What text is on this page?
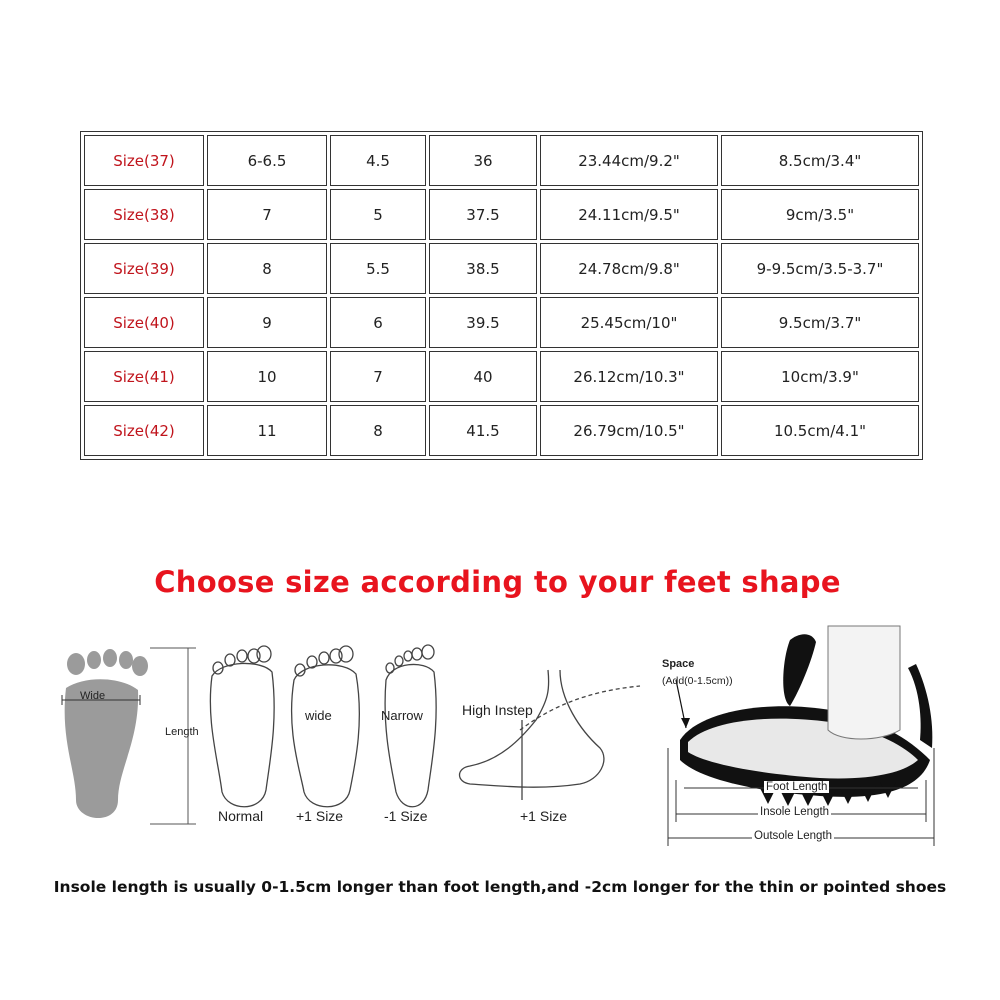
Size(37)	6-6.5	4.5	36	23.44cm/9.2"	8.5cm/3.4"
Size(38)	7	5	37.5	24.11cm/9.5"	9cm/3.5"
Size(39)	8	5.5	38.5	24.78cm/9.8"	9-9.5cm/3.5-3.7"
Size(40)	9	6	39.5	25.45cm/10"	9.5cm/3.7"
Size(41)	10	7	40	26.12cm/10.3"	10cm/3.9"
Size(42)	11	8	41.5	26.79cm/10.5"	10.5cm/4.1"
Choose size according to your feet shape
Wide
Length
Normal
wide
+1 Size
Narrow
-1 Size
High Instep
+1 Size
Space
(Add(0-1.5cm))
Foot Length
Insole Length
Outsole Length
Insole length is usually 0-1.5cm longer than foot length,and -2cm longer for the thin or pointed shoes
